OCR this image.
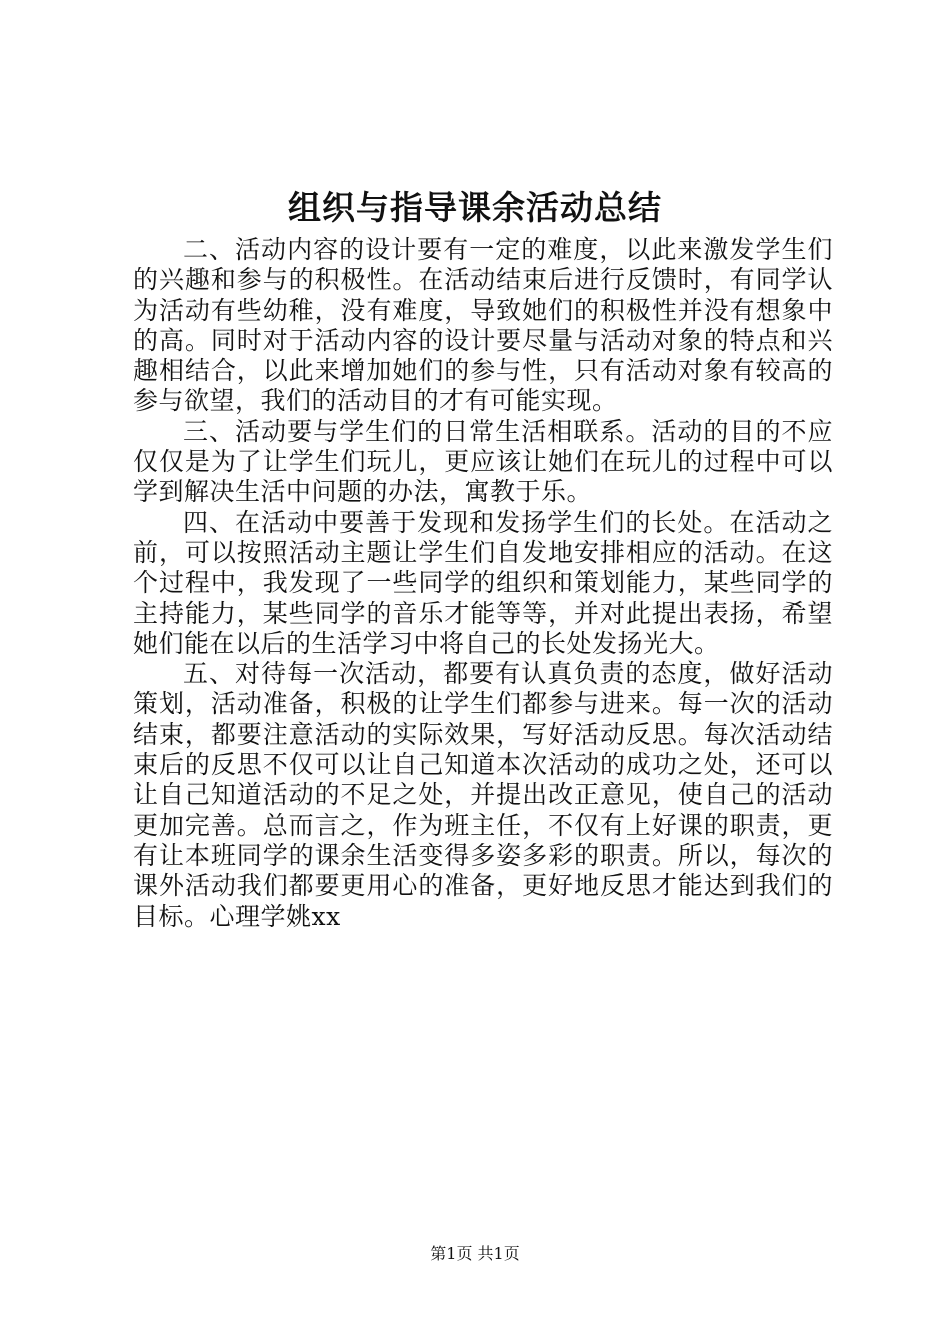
组织与指导课余活动总结

二、活动内容的设计要有一定的难度，以此来激发学生们的兴趣和参与的积极性。在活动结束后进行反馈时，有同学认为活动有些幼稚，没有难度，导致她们的积极性并没有想象中的高。同时对于活动内容的设计要尽量与活动对象的特点和兴趣相结合，以此来增加她们的参与性，只有活动对象有较高的参与欲望，我们的活动目的才有可能实现。

三、活动要与学生们的日常生活相联系。活动的目的不应仅仅是为了让学生们玩儿，更应该让她们在玩儿的过程中可以学到解决生活中问题的办法，寓教于乐。

四、在活动中要善于发现和发扬学生们的长处。在活动之前，可以按照活动主题让学生们自发地安排相应的活动。在这个过程中，我发现了一些同学的组织和策划能力，某些同学的主持能力，某些同学的音乐才能等等，并对此提出表扬，希望她们能在以后的生活学习中将自己的长处发扬光大。

五、对待每一次活动，都要有认真负责的态度，做好活动策划，活动准备，积极的让学生们都参与进来。每一次的活动结束，都要注意活动的实际效果，写好活动反思。每次活动结束后的反思不仅可以让自己知道本次活动的成功之处，还可以让自己知道活动的不足之处，并提出改正意见，使自己的活动更加完善。总而言之，作为班主任，不仅有上好课的职责，更有让本班同学的课余生活变得多姿多彩的职责。所以，每次的课外活动我们都要更用心的准备，更好地反思才能达到我们的目标。心理学姚xx

第1页 共1页
